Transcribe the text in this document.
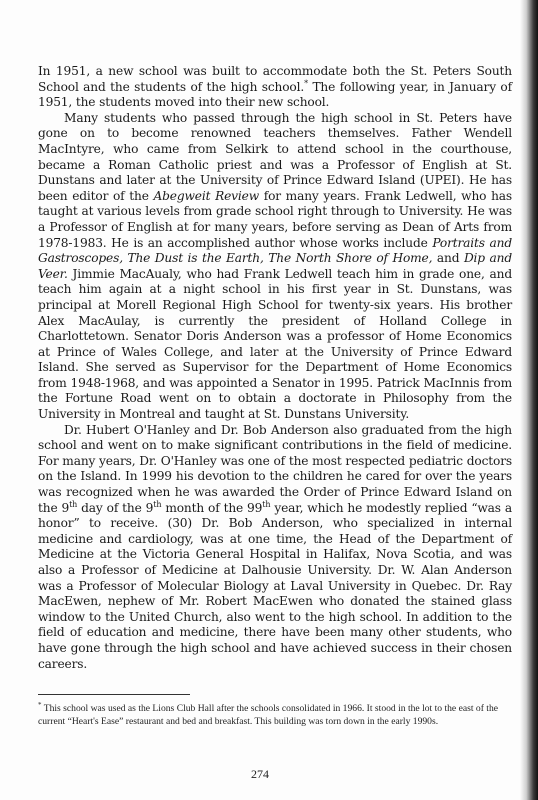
In 1951, a new school was built to accommodate both the St. Peters South School and the students of the high school.* The following year, in January of 1951, the students moved into their new school.

Many students who passed through the high school in St. Peters have gone on to become renowned teachers themselves. Father Wendell MacIntyre, who came from Selkirk to attend school in the courthouse, became a Roman Catholic priest and was a Professor of English at St. Dunstans and later at the University of Prince Edward Island (UPEI). He has been editor of the Abegweit Review for many years. Frank Ledwell, who has taught at various levels from grade school right through to University. He was a Professor of English at for many years, before serving as Dean of Arts from 1978-1983. He is an accomplished author whose works include Portraits and Gastroscopes, The Dust is the Earth, The North Shore of Home, and Dip and Veer. Jimmie MacAualy, who had Frank Ledwell teach him in grade one, and teach him again at a night school in his first year in St. Dunstans, was principal at Morell Regional High School for twenty-six years. His brother Alex MacAulay, is currently the president of Holland College in Charlottetown. Senator Doris Anderson was a professor of Home Economics at Prince of Wales College, and later at the University of Prince Edward Island. She served as Supervisor for the Department of Home Economics from 1948-1968, and was appointed a Senator in 1995. Patrick MacInnis from the Fortune Road went on to obtain a doctorate in Philosophy from the University in Montreal and taught at St. Dunstans University.

Dr. Hubert O'Hanley and Dr. Bob Anderson also graduated from the high school and went on to make significant contributions in the field of medicine. For many years, Dr. O'Hanley was one of the most respected pediatric doctors on the Island. In 1999 his devotion to the children he cared for over the years was recognized when he was awarded the Order of Prince Edward Island on the 9th day of the 9th month of the 99th year, which he modestly replied “was a honor” to receive. (30) Dr. Bob Anderson, who specialized in internal medicine and cardiology, was at one time, the Head of the Department of Medicine at the Victoria General Hospital in Halifax, Nova Scotia, and was also a Professor of Medicine at Dalhousie University. Dr. W. Alan Anderson was a Professor of Molecular Biology at Laval University in Quebec. Dr. Ray MacEwen, nephew of Mr. Robert MacEwen who donated the stained glass window to the United Church, also went to the high school. In addition to the field of education and medicine, there have been many other students, who have gone through the high school and have achieved success in their chosen careers.

* This school was used as the Lions Club Hall after the schools consolidated in 1966. It stood in the lot to the east of the current “Heart's Ease” restaurant and bed and breakfast. This building was torn down in the early 1990s.
274
